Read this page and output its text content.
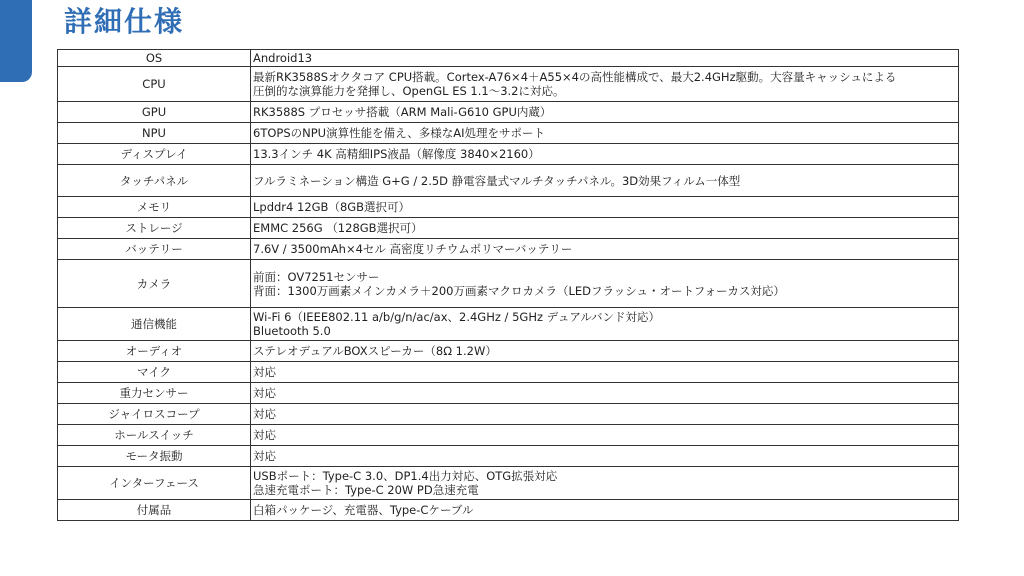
詳細仕様
OS	Android13

CPU	最新RK3588Sオクタコア CPU搭載。Cortex-A76×4＋A55×4の高性能構成で、最大2.4GHz駆動。大容量キャッシュによる
圧倒的な演算能力を発揮し、OpenGL ES 1.1～3.2に対応。

GPU	RK3588S プロセッサ搭載（ARM Mali-G610 GPU内蔵）

NPU	6TOPSのNPU演算性能を備え、多様なAI処理をサポート

ディスプレイ	13.3インチ 4K 高精細IPS液晶（解像度 3840×2160）

タッチパネル	フルラミネーション構造 G+G / 2.5D 静電容量式マルチタッチパネル。3D効果フィルム一体型

メモリ	Lpddr4 12GB（8GB選択可）

ストレージ	EMMC 256G （128GB選択可）

バッテリー	7.6V / 3500mAh×4セル 高密度リチウムポリマーバッテリー

カメラ	前面：OV7251センサー
背面：1300万画素メインカメラ＋200万画素マクロカメラ（LEDフラッシュ・オートフォーカス対応）

通信機能	Wi-Fi 6（IEEE802.11 a/b/g/n/ac/ax、2.4GHz / 5GHz デュアルバンド対応）
Bluetooth 5.0

オーディオ	ステレオデュアルBOXスピーカー（8Ω 1.2W）

マイク	対応

重力センサー	対応

ジャイロスコープ	対応

ホールスイッチ	対応

モータ振動	対応

インターフェース	USBポート：Type-C 3.0、DP1.4出力対応、OTG拡張対応
急速充電ポート：Type-C 20W PD急速充電

付属品	白箱パッケージ、充電器、Type-Cケーブル
